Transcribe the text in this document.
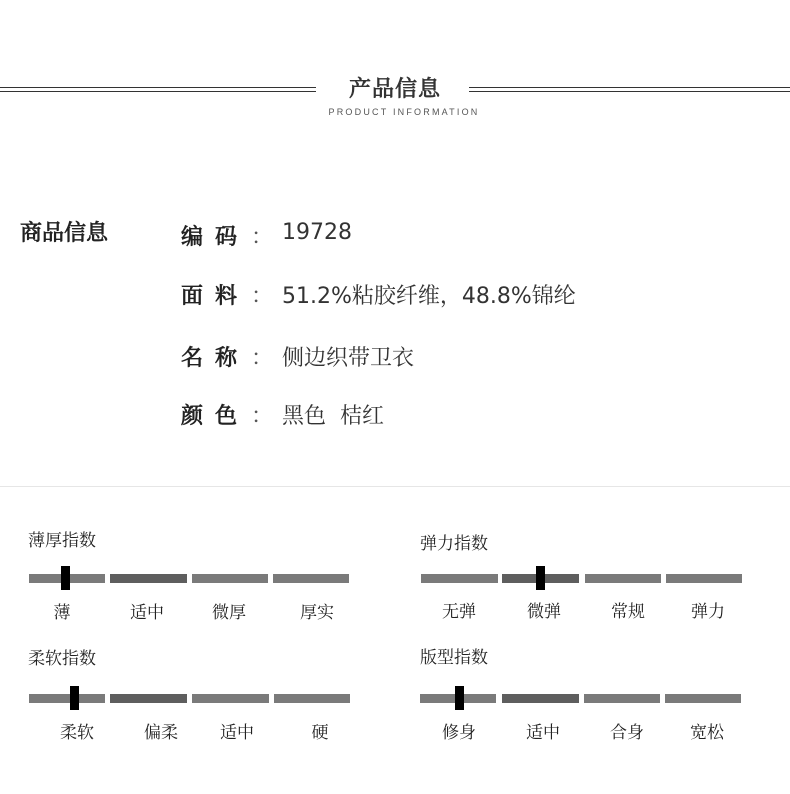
产品信息
PRODUCT INFORMATION
商品信息	编码 ： 19728
面料 ： 51.2%粘胶纤维，48.8%锦纶
名称 ： 侧边织带卫衣
颜色 ： 黑色  桔红
薄厚指数
薄	适中	微厚	厚实
弹力指数
无弹	微弹	常规	弹力
柔软指数
柔软	偏柔	适中	硬
版型指数
修身	适中	合身	宽松
